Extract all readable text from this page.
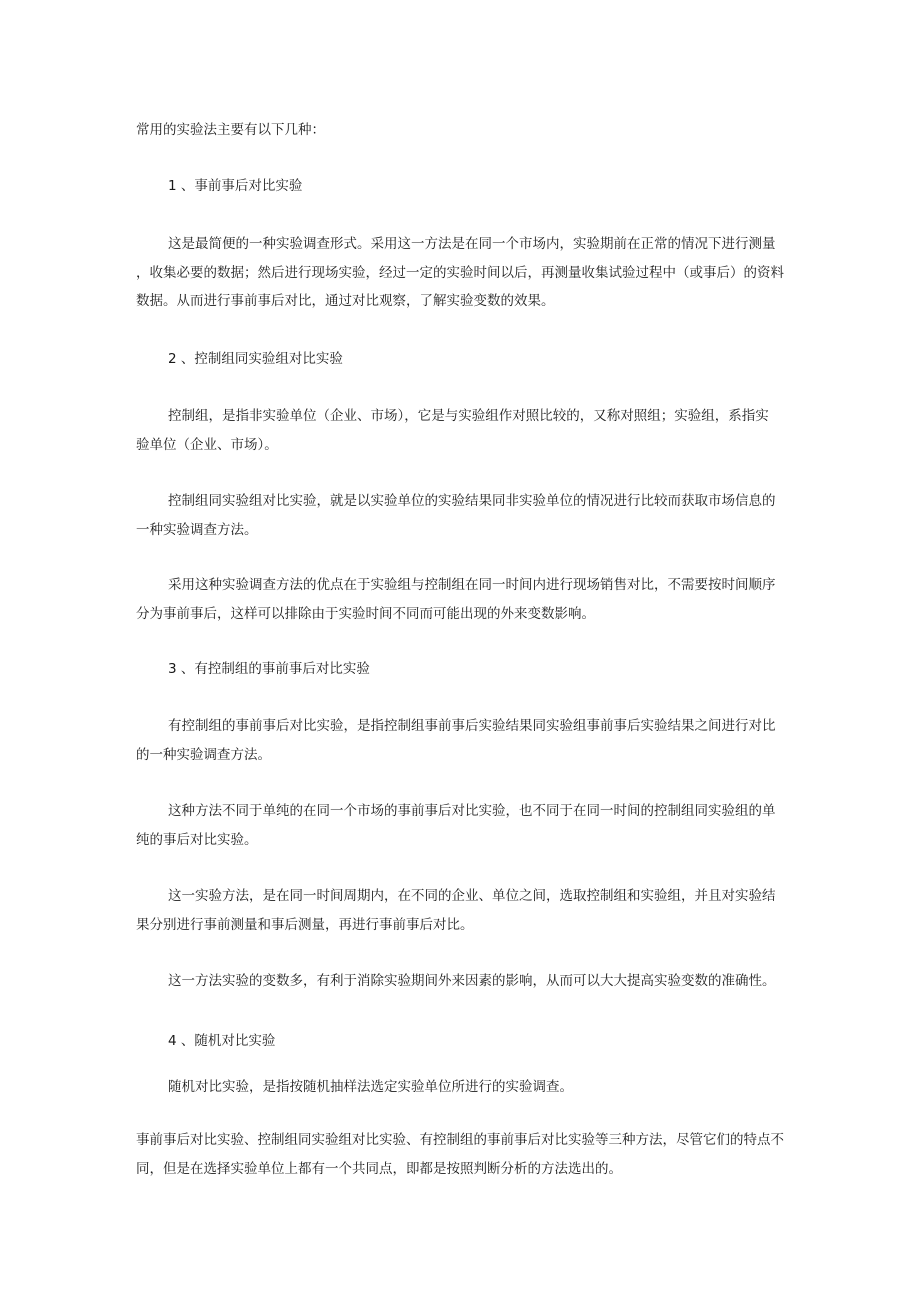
常用的实验法主要有以下几种：
1 、事前事后对比实验
这是最简便的一种实验调查形式。采用这一方法是在同一个市场内，实验期前在正常的情况下进行测量
，收集必要的数据；然后进行现场实验，经过一定的实验时间以后，再测量收集试验过程中（或事后）的资料
数据。从而进行事前事后对比，通过对比观察，了解实验变数的效果。
2 、控制组同实验组对比实验
控制组，是指非实验单位（企业、市场），它是与实验组作对照比较的，又称对照组；实验组，系指实
验单位（企业、市场）。
控制组同实验组对比实验，就是以实验单位的实验结果同非实验单位的情况进行比较而获取市场信息的
一种实验调查方法。
采用这种实验调查方法的优点在于实验组与控制组在同一时间内进行现场销售对比，不需要按时间顺序
分为事前事后，这样可以排除由于实验时间不同而可能出现的外来变数影响。
3 、有控制组的事前事后对比实验
有控制组的事前事后对比实验，是指控制组事前事后实验结果同实验组事前事后实验结果之间进行对比
的一种实验调查方法。
这种方法不同于单纯的在同一个市场的事前事后对比实验，也不同于在同一时间的控制组同实验组的单
纯的事后对比实验。
这一实验方法，是在同一时间周期内，在不同的企业、单位之间，选取控制组和实验组，并且对实验结
果分别进行事前测量和事后测量，再进行事前事后对比。
这一方法实验的变数多，有利于消除实验期间外来因素的影响，从而可以大大提高实验变数的准确性。
4 、随机对比实验
随机对比实验，是指按随机抽样法选定实验单位所进行的实验调查。
事前事后对比实验、控制组同实验组对比实验、有控制组的事前事后对比实验等三种方法，尽管它们的特点不
同，但是在选择实验单位上都有一个共同点，即都是按照判断分析的方法选出的。
